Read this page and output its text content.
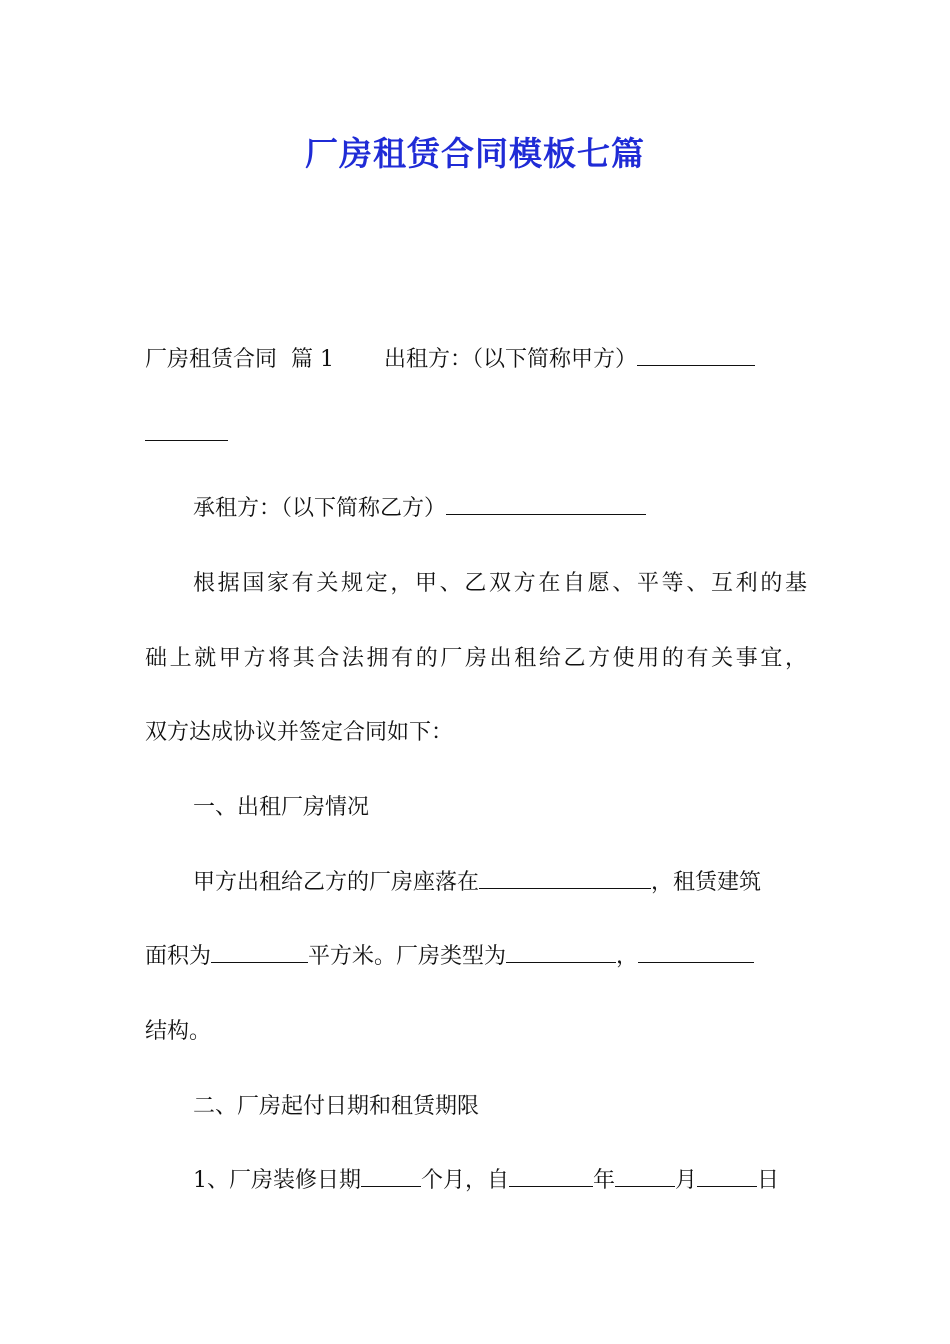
厂房租赁合同模板七篇

厂房租赁合同  篇 1 出租方：（以下简称甲方）

承租方：（以下简称乙方）

根据国家有关规定，甲、乙双方在自愿、平等、互利的基

础上就甲方将其合法拥有的厂房出租给乙方使用的有关事宜，

双方达成协议并签定合同如下：

一、出租厂房情况

甲方出租给乙方的厂房座落在	，租赁建筑

面积为	平方米。厂房类型为	，

结构。

二、厂房起付日期和租赁期限

1、厂房装修日期	个月，自	年	月	日
